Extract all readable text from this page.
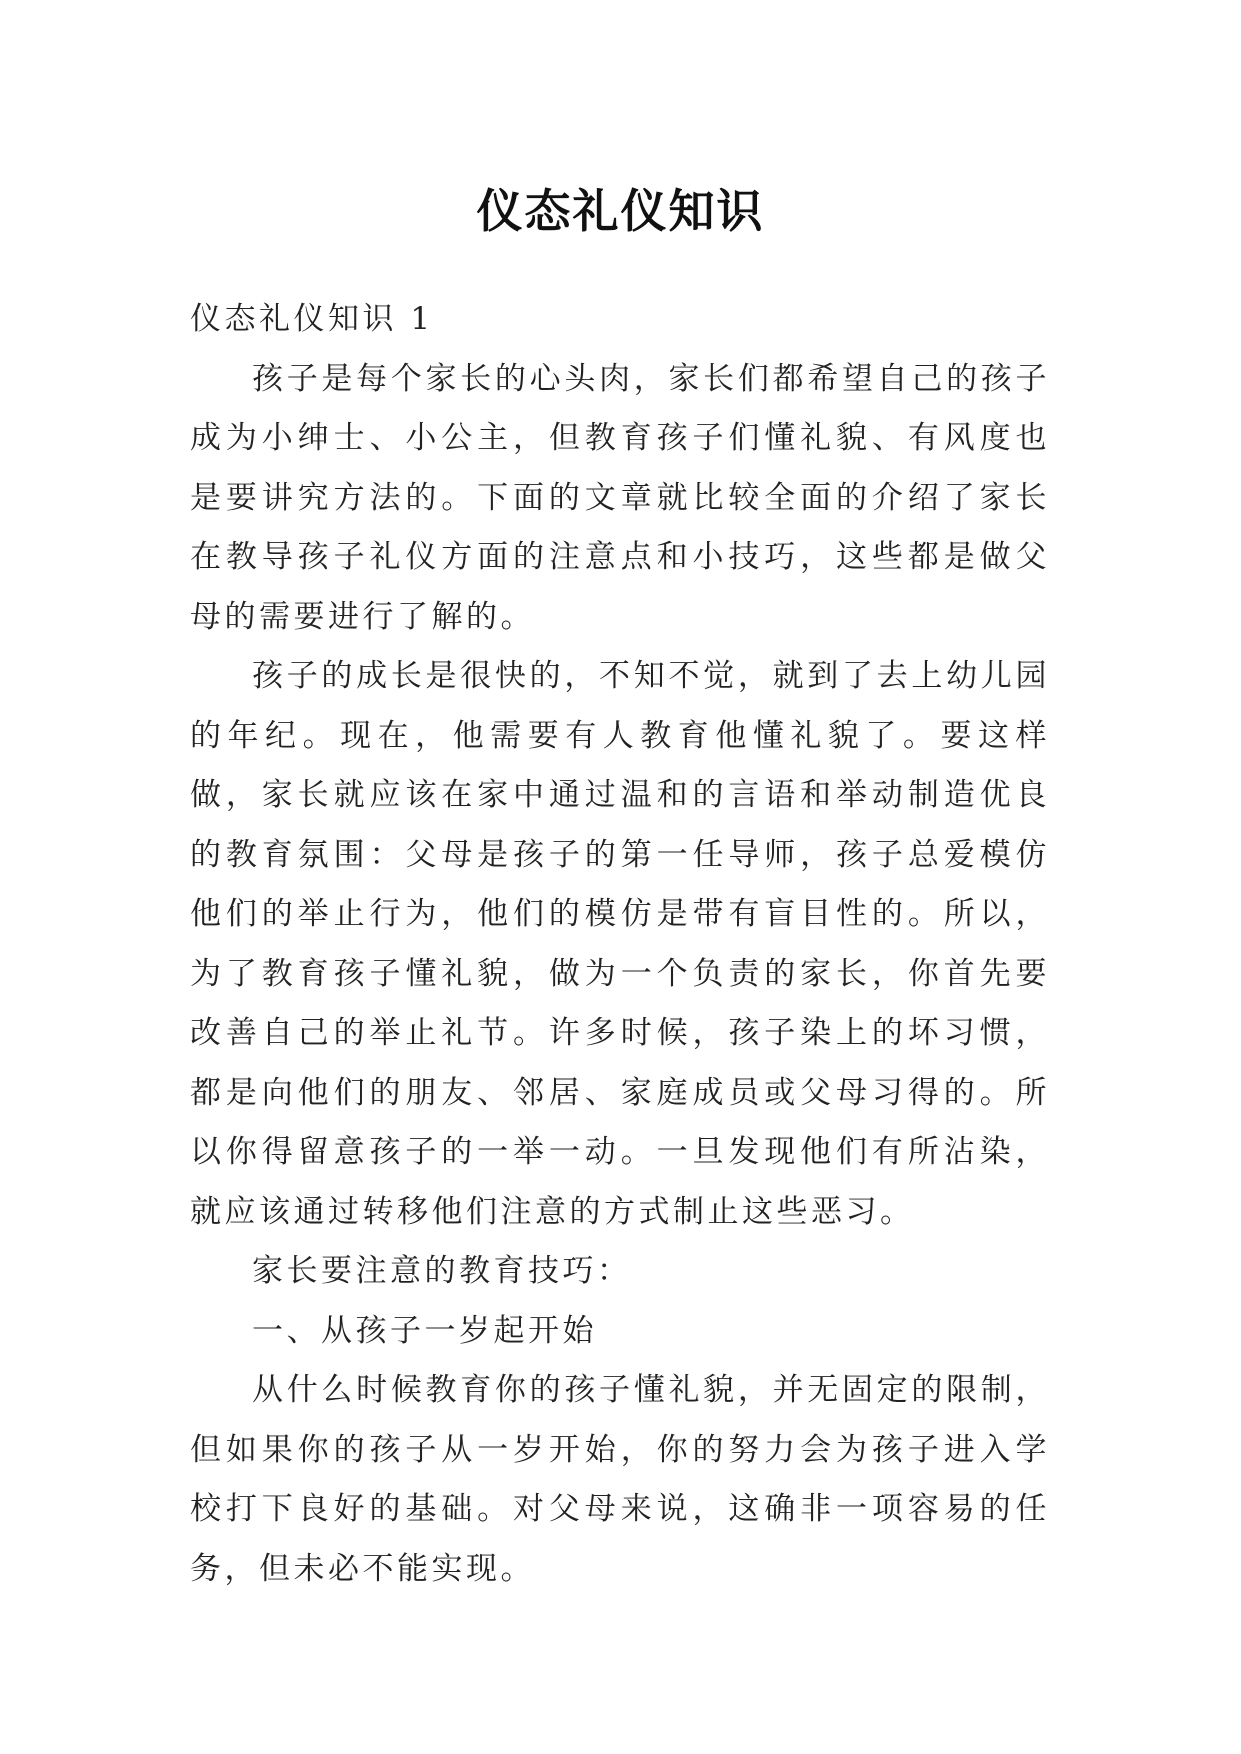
仪态礼仪知识

仪态礼仪知识 1

孩子是每个家长的心头肉，家长们都希望自己的孩子成为小绅士、小公主，但教育孩子们懂礼貌、有风度也是要讲究方法的。下面的文章就比较全面的介绍了家长在教导孩子礼仪方面的注意点和小技巧，这些都是做父母的需要进行了解的。

孩子的成长是很快的，不知不觉，就到了去上幼儿园的年纪。现在，他需要有人教育他懂礼貌了。要这样做，家长就应该在家中通过温和的言语和举动制造优良的教育氛围：父母是孩子的第一任导师，孩子总爱模仿他们的举止行为，他们的模仿是带有盲目性的。所以，为了教育孩子懂礼貌，做为一个负责的家长，你首先要改善自己的举止礼节。许多时候，孩子染上的坏习惯，都是向他们的朋友、邻居、家庭成员或父母习得的。所以你得留意孩子的一举一动。一旦发现他们有所沾染，就应该通过转移他们注意的方式制止这些恶习。

家长要注意的教育技巧：

一、从孩子一岁起开始

从什么时候教育你的孩子懂礼貌，并无固定的限制，但如果你的孩子从一岁开始，你的努力会为孩子进入学校打下良好的基础。对父母来说，这确非一项容易的任务，但未必不能实现。
